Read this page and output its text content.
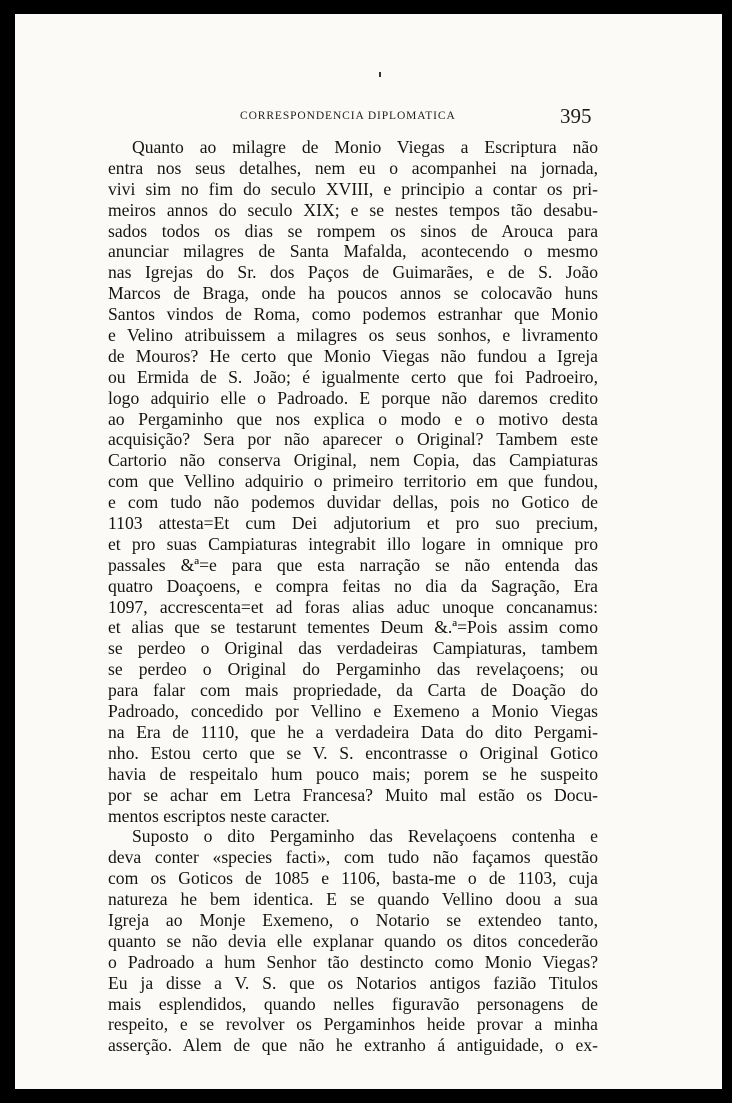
CORRESPONDENCIA DIPLOMATICA	395
Quanto ao milagre de Monio Viegas a Escriptura não
entra nos seus detalhes, nem eu o acompanhei na jornada,
vivi sim no fim do seculo XVIII, e principio a contar os pri-
meiros annos do seculo XIX; e se nestes tempos tão desabu-
sados todos os dias se rompem os sinos de Arouca para
anunciar milagres de Santa Mafalda, acontecendo o mesmo
nas Igrejas do Sr. dos Paços de Guimarães, e de S. João
Marcos de Braga, onde ha poucos annos se colocavão huns
Santos vindos de Roma, como podemos estranhar que Monio
e Velino atribuissem a milagres os seus sonhos, e livramento
de Mouros? He certo que Monio Viegas não fundou a Igreja
ou Ermida de S. João; é igualmente certo que foi Padroeiro,
logo adquirio elle o Padroado. E porque não daremos credito
ao Pergaminho que nos explica o modo e o motivo desta
acquisição? Sera por não aparecer o Original? Tambem este
Cartorio não conserva Original, nem Copia, das Campiaturas
com que Vellino adquirio o primeiro territorio em que fundou,
e com tudo não podemos duvidar dellas, pois no Gotico de
1103 attesta=Et cum Dei adjutorium et pro suo precium,
et pro suas Campiaturas integrabit illo logare in omnique pro
passales &ª=e para que esta narração se não entenda das
quatro Doaçoens, e compra feitas no dia da Sagração, Era
1097, accrescenta=et ad foras alias aduc unoque concanamus:
et alias que se testarunt tementes Deum &.ª=Pois assim como
se perdeo o Original das verdadeiras Campiaturas, tambem
se perdeo o Original do Pergaminho das revelaçoens; ou
para falar com mais propriedade, da Carta de Doação do
Padroado, concedido por Vellino e Exemeno a Monio Viegas
na Era de 1110, que he a verdadeira Data do dito Pergami-
nho. Estou certo que se V. S. encontrasse o Original Gotico
havia de respeitalo hum pouco mais; porem se he suspeito
por se achar em Letra Francesa? Muito mal estão os Docu-
mentos escriptos neste caracter.
Suposto o dito Pergaminho das Revelaçoens contenha e
deva conter «species facti», com tudo não façamos questão
com os Goticos de 1085 e 1106, basta-me o de 1103, cuja
natureza he bem identica. E se quando Vellino doou a sua
Igreja ao Monje Exemeno, o Notario se extendeo tanto,
quanto se não devia elle explanar quando os ditos concederão
o Padroado a hum Senhor tão destincto como Monio Viegas?
Eu ja disse a V. S. que os Notarios antigos fazião Titulos
mais esplendidos, quando nelles figuravão personagens de
respeito, e se revolver os Pergaminhos heide provar a minha
asserção. Alem de que não he extranho á antiguidade, o ex-
